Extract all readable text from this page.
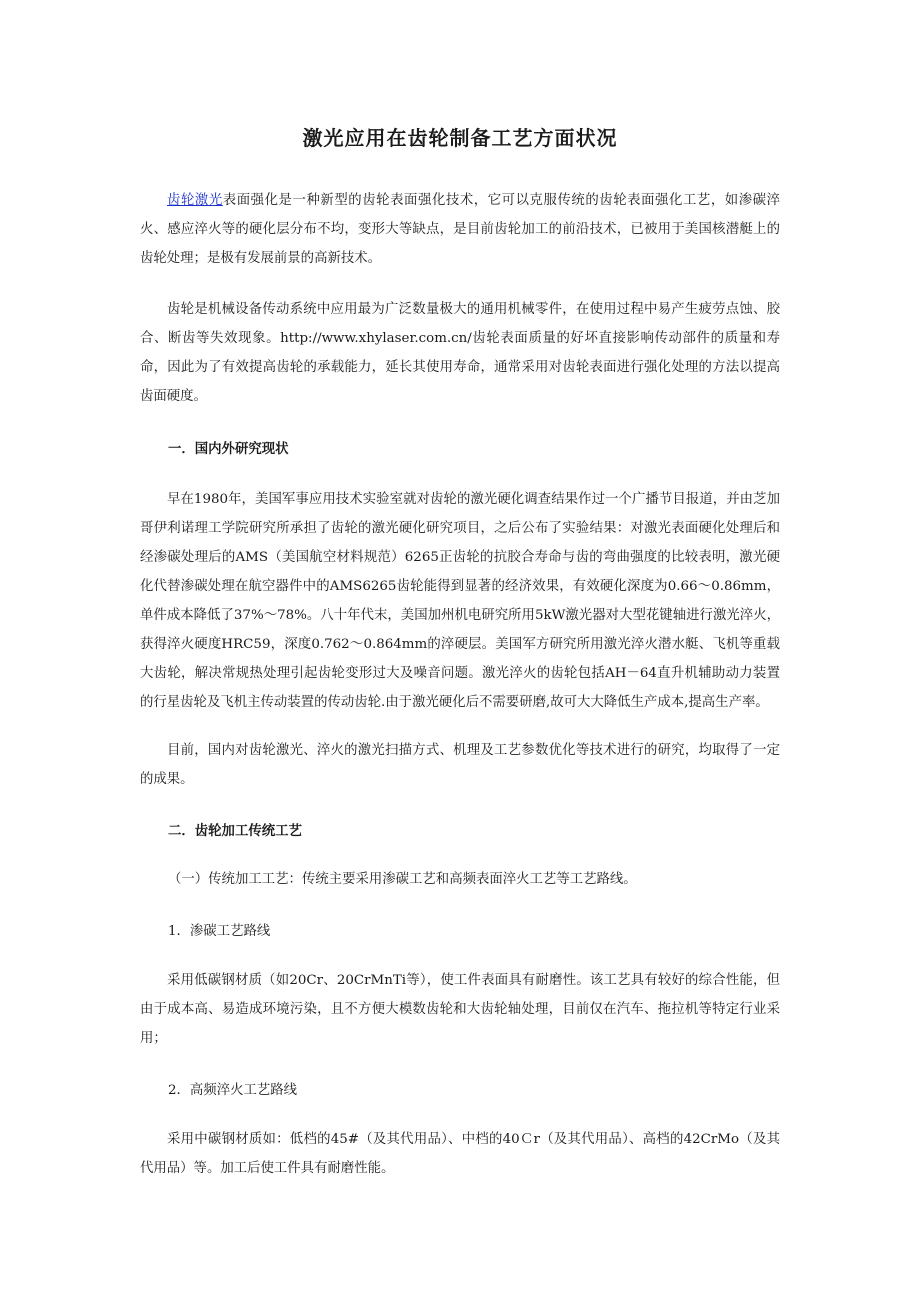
激光应用在齿轮制备工艺方面状况
齿轮激光表面强化是一种新型的齿轮表面强化技术，它可以克服传统的齿轮表面强化工艺，如渗碳淬火、感应淬火等的硬化层分布不均，变形大等缺点，是目前齿轮加工的前沿技术，已被用于美国核潜艇上的齿轮处理；是极有发展前景的高新技术。
齿轮是机械设备传动系统中应用最为广泛数量极大的通用机械零件，在使用过程中易产生疲劳点蚀、胶合、断齿等失效现象。http://www.xhylaser.com.cn/齿轮表面质量的好坏直接影响传动部件的质量和寿命，因此为了有效提高齿轮的承载能力，延长其使用寿命，通常采用对齿轮表面进行强化处理的方法以提高齿面硬度。
一．国内外研究现状
早在1980年，美国军事应用技术实验室就对齿轮的激光硬化调查结果作过一个广播节目报道，并由芝加哥伊利诺理工学院研究所承担了齿轮的激光硬化研究项目，之后公布了实验结果：对激光表面硬化处理后和经渗碳处理后的AMS（美国航空材料规范）6265正齿轮的抗胶合寿命与齿的弯曲强度的比较表明，激光硬化代替渗碳处理在航空器件中的AMS6265齿轮能得到显著的经济效果，有效硬化深度为0.66～0.86mm，单件成本降低了37%～78%。八十年代末，美国加州机电研究所用5kW激光器对大型花键轴进行激光淬火，获得淬火硬度HRC59，深度0.762～0.864mm的淬硬层。美国军方研究所用激光淬火潜水艇、飞机等重载大齿轮，解决常规热处理引起齿轮变形过大及噪音问题。激光淬火的齿轮包括AH－64直升机辅助动力装置的行星齿轮及飞机主传动装置的传动齿轮.由于激光硬化后不需要研磨,故可大大降低生产成本,提高生产率。
目前，国内对齿轮激光、淬火的激光扫描方式、机理及工艺参数优化等技术进行的研究，均取得了一定的成果。
二．齿轮加工传统工艺
（一）传统加工工艺：传统主要采用渗碳工艺和高频表面淬火工艺等工艺路线。
1．渗碳工艺路线
采用低碳钢材质（如20Cr、20CrMnTi等），使工件表面具有耐磨性。该工艺具有较好的综合性能，但由于成本高、易造成环境污染，且不方便大模数齿轮和大齿轮轴处理，目前仅在汽车、拖拉机等特定行业采用；
2．高频淬火工艺路线
采用中碳钢材质如：低档的45#（及其代用品）、中档的40Ｃr（及其代用品）、高档的42CrMo（及其代用品）等。加工后使工件具有耐磨性能。
